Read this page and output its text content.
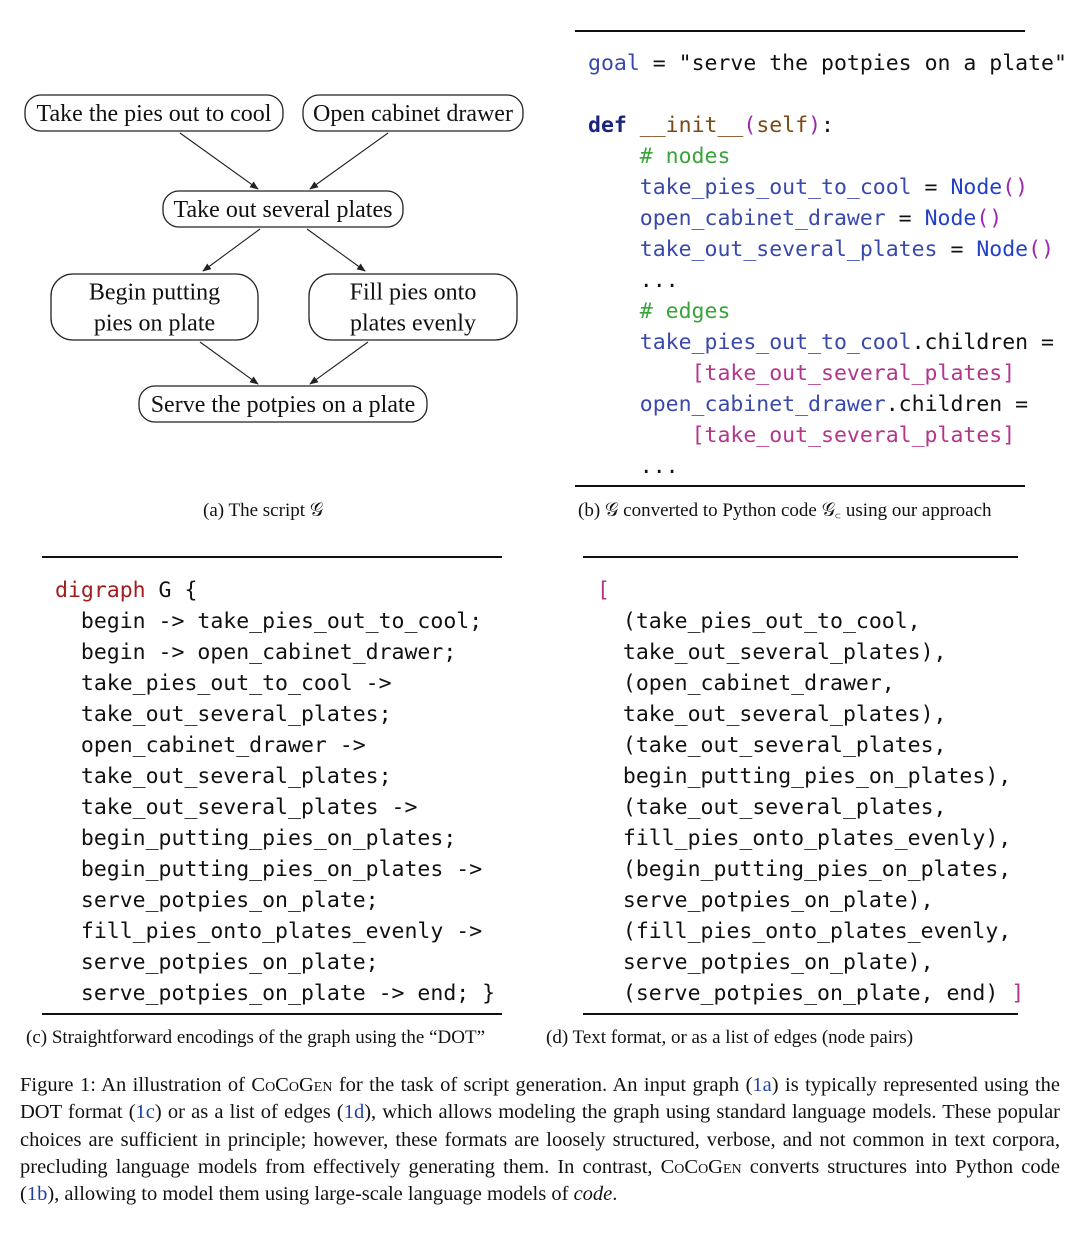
Take the pies out to cool Open cabinet drawer
Take out several plates
Begin putting
pies on plate
Fill pies onto
plates evenly
Serve the potpies on a plate
(a) The script 𝒢
goal = "serve the potpies on a plate"

def __init__(self):
# nodes
take_pies_out_to_cool = Node()
open_cabinet_drawer = Node()
take_out_several_plates = Node()
...
# edges
take_pies_out_to_cool.children =
[take_out_several_plates]
open_cabinet_drawer.children =
[take_out_several_plates]
...
(b) 𝒢 converted to Python code 𝒢꜀ using our approach
digraph G {
begin -> take_pies_out_to_cool;
begin -> open_cabinet_drawer;
take_pies_out_to_cool ->
take_out_several_plates;
open_cabinet_drawer ->
take_out_several_plates;
take_out_several_plates ->
begin_putting_pies_on_plates;
begin_putting_pies_on_plates ->
serve_potpies_on_plate;
fill_pies_onto_plates_evenly ->
serve_potpies_on_plate;
serve_potpies_on_plate -> end; }
(c) Straightforward encodings of the graph using the “DOT”
[
(take_pies_out_to_cool,
take_out_several_plates),
(open_cabinet_drawer,
take_out_several_plates),
(take_out_several_plates,
begin_putting_pies_on_plates),
(take_out_several_plates,
fill_pies_onto_plates_evenly),
(begin_putting_pies_on_plates,
serve_potpies_on_plate),
(fill_pies_onto_plates_evenly,
serve_potpies_on_plate),
(serve_potpies_on_plate, end) ]
(d) Text format, or as a list of edges (node pairs)
Figure 1: An illustration of CoCoGen for the task of script generation. An input graph (1a) is typically represented using the DOT format (1c) or as a list of edges (1d), which allows modeling the graph using standard language models. These popular choices are sufficient in principle; however, these formats are loosely structured, verbose, and not common in text corpora, precluding language models from effectively generating them. In contrast, CoCoGen converts structures into Python code (1b), allowing to model them using large-scale language models of code.
